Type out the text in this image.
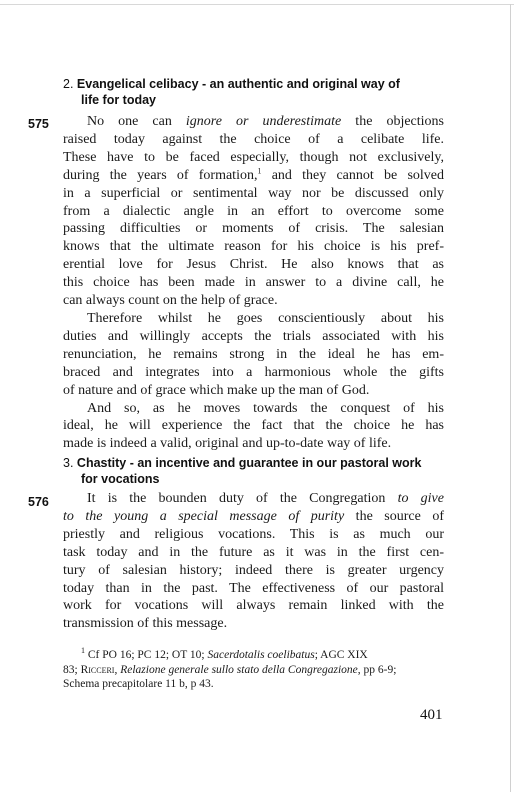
2. Evangelical celibacy - an authentic and original way of
life for today
575	No one can ignore or underestimate the objections
raised today against the choice of a celibate life.
These have to be faced especially, though not exclusively,
during the years of formation,$^1$ and they cannot be solved
in a superficial or sentimental way nor be discussed only
from a dialectic angle in an effort to overcome some
passing difficulties or moments of crisis. The salesian
knows that the ultimate reason for his choice is his pref-
erential love for Jesus Christ. He also knows that as
this choice has been made in answer to a divine call, he
can always count on the help of grace.
Therefore whilst he goes conscientiously about his
duties and willingly accepts the trials associated with his
renunciation, he remains strong in the ideal he has em-
braced and integrates into a harmonious whole the gifts
of nature and of grace which make up the man of God.
And so, as he moves towards the conquest of his
ideal, he will experience the fact that the choice he has
made is indeed a valid, original and up-to-date way of life.
3. Chastity - an incentive and guarantee in our pastoral work
for vocations
576	It is the bounden duty of the Congregation to give
to the young a special message of purity the source of
priestly and religious vocations. This is as much our
task today and in the future as it was in the first cen-
tury of salesian history; indeed there is greater urgency
today than in the past. The effectiveness of our pastoral
work for vocations will always remain linked with the
transmission of this message.
$^1$ Cf PO 16; PC 12; OT 10; Sacerdotalis coelibatus; AGC XIX
83; Ricceri, Relazione generale sullo stato della Congregazione, pp 6-9;
Schema precapitolare 11 b, p 43.
401
